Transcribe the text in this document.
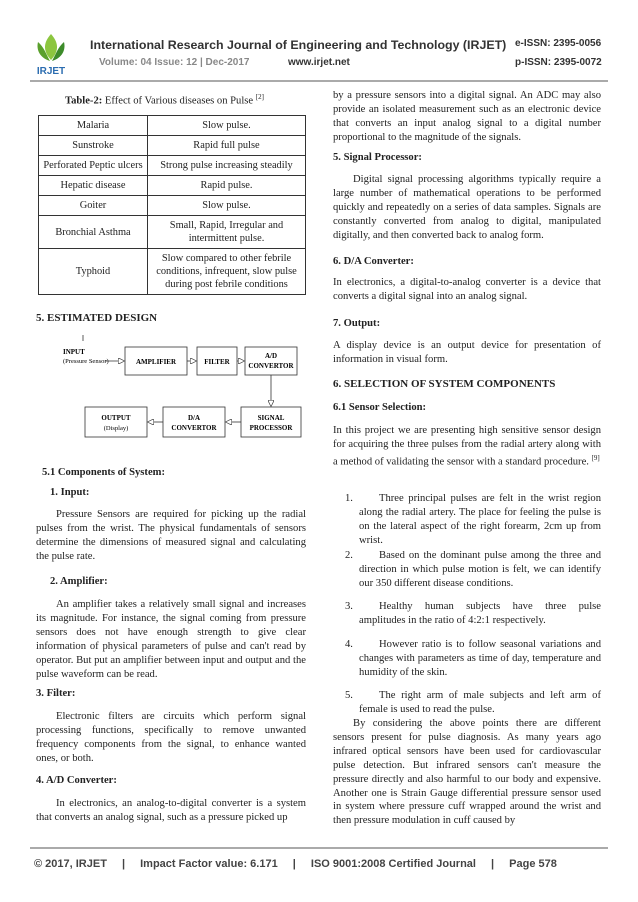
IRJET
International Research Journal of Engineering and Technology (IRJET) e-ISSN: 2395-0056
Volume: 04 Issue: 12 | Dec-2017	www.irjet.net	p-ISSN: 2395-0072
Table-2: Effect of Various diseases on Pulse [2]
Malaria	Slow pulse.
Sunstroke	Rapid full pulse
Perforated Peptic ulcers	Strong pulse increasing steadily
Hepatic disease	Rapid pulse.
Goiter	Slow pulse.
Bronchial Asthma	Small, Rapid, Irregular and intermittent pulse.
Typhoid	Slow compared to other febrile conditions, infrequent, slow pulse during post febrile conditions
5. ESTIMATED DESIGN
INPUT
(Pressure Sensor)	AMPLIFIER	FILTER
A/D
CONVERTOR
OUTPUT
(Display)
D/A
CONVERTOR
SIGNAL
PROCESSOR
5.1 Components of System:
1. Input:

Pressure Sensors are required for picking up the radial pulses from the wrist. The physical fundamentals of sensors determine the dimensions of measured signal and calculating the pulse rate.

2. Amplifier:

An amplifier takes a relatively small signal and increases its magnitude. For instance, the signal coming from pressure sensors does not have enough strength to give clear information of physical parameters of pulse and can't read by operator. But put an amplifier between input and output and the pulse waveform can be read.

3. Filter:

Electronic filters are circuits which perform signal processing functions, specifically to remove unwanted frequency components from the signal, to enhance wanted ones, or both.

4. A/D Converter:

In electronics, an analog-to-digital converter is a system that converts an analog signal, such as a pressure picked up

by a pressure sensors into a digital signal. An ADC may also provide an isolated measurement such as an electronic device that converts an input analog signal to a digital number proportional to the magnitude of the signals.

5. Signal Processor:

Digital signal processing algorithms typically require a large number of mathematical operations to be performed quickly and repeatedly on a series of data samples. Signals are constantly converted from analog to digital, manipulated digitally, and then converted back to analog form.

6. D/A Converter:

In electronics, a digital-to-analog converter is a device that converts a digital signal into an analog signal.

7. Output:

A display device is an output device for presentation of information in visual form.

6. SELECTION OF SYSTEM COMPONENTS
6.1 Sensor Selection:

In this project we are presenting high sensitive sensor design for acquiring the three pulses from the radial artery along with a method of validating the sensor with a standard procedure. [9]

1.	Three principal pulses are felt in the wrist region along the radial artery. The place for feeling the pulse is on the lateral aspect of the right forearm, 2cm up from wrist.
2.	Based on the dominant pulse among the three and direction in which pulse motion is felt, we can identify our 350 different disease conditions.
3.	Healthy human subjects have three pulse amplitudes in the ratio of 4:2:1 respectively.
4.	However ratio is to follow seasonal variations and changes with parameters as time of day, temperature and humidity of the skin.
5.	The right arm of male subjects and left arm of female is used to read the pulse.

By considering the above points there are different sensors present for pulse diagnosis. As many years ago infrared optical sensors have been used for cardiovascular pulse detection. But infrared sensors can't measure the pressure directly and also harmful to our body and expensive. Another one is Strain Gauge differential pressure sensor used in system where pressure cuff wrapped around the wrist and then pressure modulation in cuff caused by

© 2017, IRJET | Impact Factor value: 6.171 | ISO 9001:2008 Certified Journal | Page 578
